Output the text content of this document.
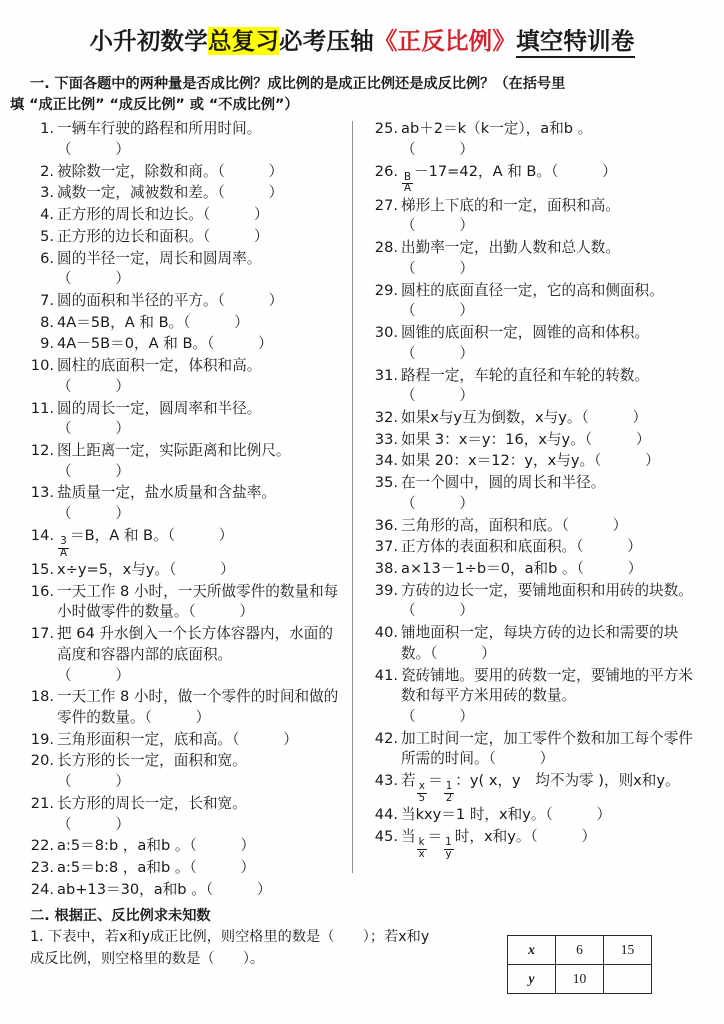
小升初数学总复习必考压轴《正反比例》填空特训卷
一. 下面各题中的两种量是否成比例？成比例的是成正比例还是成反比例？（在括号里
填 “成正比例” “成反比例” 或 “不成比例”）
1. 一辆车行驶的路程和所用时间。
（　　　）
2. 被除数一定，除数和商。（　　　）
3. 减数一定，减被数和差。（　　　）
4. 正方形的周长和边长。（　　　）
5. 正方形的边长和面积。（　　　）
6. 圆的半径一定，周长和圆周率。
（　　　）
7. 圆的面积和半径的平方。（　　　）
8. 4A＝5B，A 和 B。（　　　）
9. 4A－5B＝0，A 和 B。（　　　）
10. 圆柱的底面积一定，体积和高。
（　　　）
11. 圆的周长一定，圆周率和半径。
（　　　）
12. 图上距离一定，实际距离和比例尺。
（　　　）
13. 盐质量一定，盐水质量和含盐率。
（　　　）
14.
$\frac{3}{A}$
＝B，A 和 B。（　　　）
15. x÷y=5，x与y。（　　　）
16. 一天工作 8 小时，一天所做零件的数量和每小时做零件的数量。（　　　）
17. 把 64 升水倒入一个长方体容器内，水面的高度和容器内部的底面积。
（　　　）
18. 一天工作 8 小时，做一个零件的时间和做的零件的数量。（　　　）
19. 三角形面积一定，底和高。（　　　）
20. 长方形的长一定，面积和宽。
（　　　）
21. 长方形的周长一定，长和宽。
（　　　）
22. a:5＝8:b ，a和b 。（　　　）
23. a:5＝b:8 ，a和b 。（　　　）
24. ab+13＝30，a和b 。（　　　）
25. ab＋2＝k（k一定），a和b 。
（　　　）
26.
$\frac{B}{A}$
－17=42，A 和 B。（　　　）
27. 梯形上下底的和一定，面积和高。
（　　　）
28. 出勤率一定，出勤人数和总人数。
（　　　）
29. 圆柱的底面直径一定，它的高和侧面积。（　　　）
30. 圆锥的底面积一定，圆锥的高和体积。
（　　　）
31. 路程一定，车轮的直径和车轮的转数。
（　　　）
32. 如果x与y互为倒数，x与y。（　　　）
33. 如果 3：x＝y：16，x与y。（　　　）
34. 如果 20：x＝12：y，x与y。（　　　）
35. 在一个圆中，圆的周长和半径。
（　　　）
36. 三角形的高，面积和底。（　　　）
37. 正方体的表面积和底面积。（　　　）
38. a×13－1÷b＝0，a和b 。（　　　）
39. 方砖的边长一定，要铺地面积和用砖的块数。（　　　）
40. 铺地面积一定，每块方砖的边长和需要的块数。（　　　）
41. 瓷砖铺地。要用的砖数一定，要铺地的平方米数和每平方米用砖的数量。
（　　　）
42. 加工时间一定，加工零件个数和加工每个零件所需的时间。（　　　）
43. 若
$\frac{x}{5}$
＝
$\frac{1}{2}$
：y( x，y　均不为零 )，则x和y。
44. 当kxy＝1 时，x和y。（　　　）
45. 当
$\frac{k}{x}$
＝
$\frac{1}{y}$
时，x和y。（　　　）
二. 根据正、反比例求未知数
1. 下表中，若x和y成正比例，则空格里的数是（　　）；若x和y
成反比例，则空格里的数是（　　）。
x	6	15
y	10	
